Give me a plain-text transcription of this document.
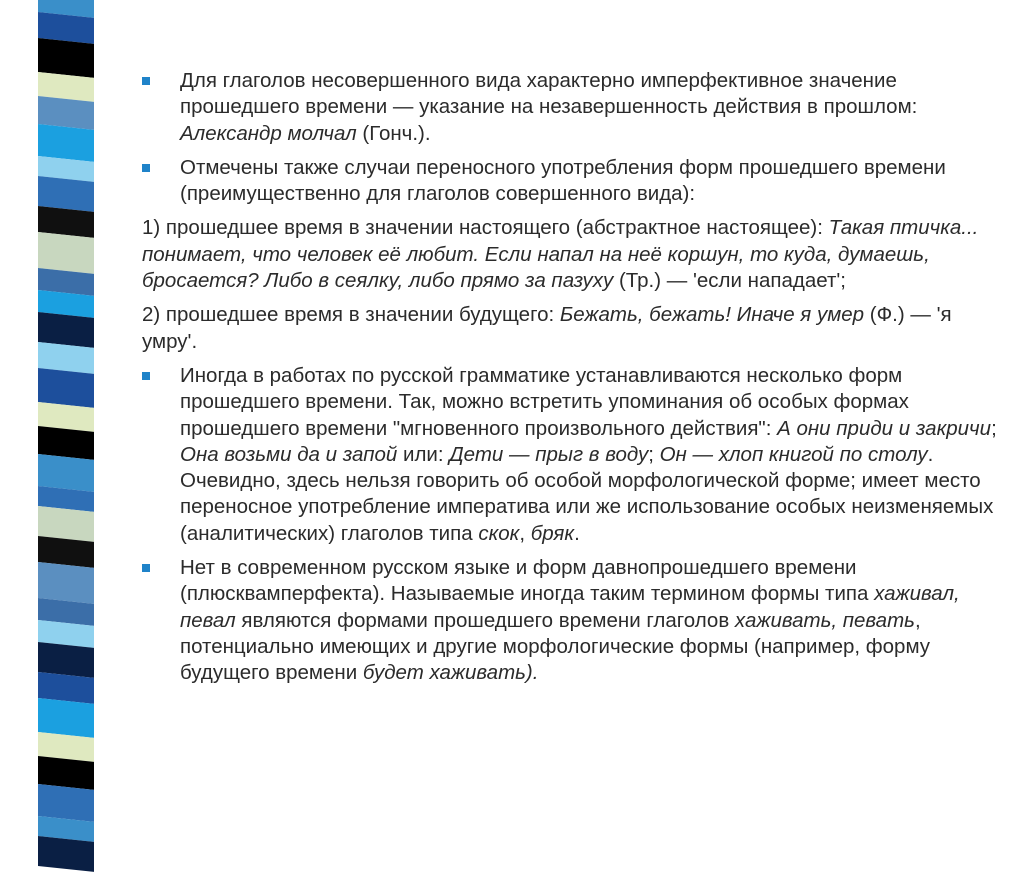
Для глаголов несовершенного вида характерно имперфективное значение прошедшего времени — указание на незавершенность действия в прошлом: Александр молчал (Гонч.).
Отмечены также случаи переносного употребления форм прошедшего времени (преимущественно для глаголов совершенного вида):
1) прошедшее время в значении настоящего (абстрактное настоящее): Такая птичка... понимает, что человек её любит. Если напал на неё коршун, то куда, думаешь, бросается? Либо в сеялку, либо прямо за пазуху (Тр.) — 'если нападает';
2) прошедшее время в значении будущего: Бежать, бежать! Иначе я умер (Ф.) — 'я умру'.
Иногда в работах по русской грамматике устанавливаются несколько форм прошедшего времени. Так, можно встретить упоминания об особых формах прошедшего времени "мгновенного произвольного действия": А они приди и закричи; Она возьми да и запой или: Дети — прыг в воду; Он — хлоп книгой по столу. Очевидно, здесь нельзя говорить об особой морфологической форме; имеет место переносное употребление императива или же использование особых неизменяемых (аналитических) глаголов типа скок, бряк.
Нет в современном русском языке и форм давнопрошедшего времени (плюсквамперфекта). Называемые иногда таким термином формы типа хаживал, певал являются формами прошедшего времени глаголов хаживать, певать, потенциально имеющих и другие морфологические формы (например, форму будущего времени будет хаживать).
